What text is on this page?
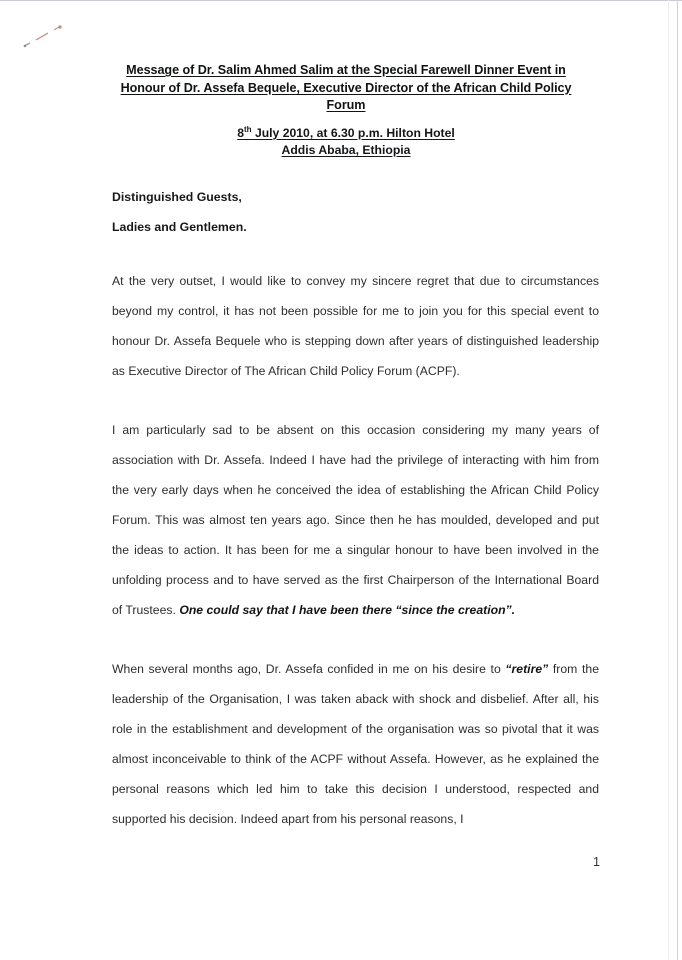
Message of Dr. Salim Ahmed Salim at the Special Farewell Dinner Event in
Honour of Dr. Assefa Bequele, Executive Director of the African Child Policy
Forum
8th July 2010, at 6.30 p.m. Hilton Hotel
Addis Ababa, Ethiopia
Distinguished Guests,
Ladies and Gentlemen.

At the very outset, I would like to convey my sincere regret that due to circumstances beyond my control, it has not been possible for me to join you for this special event to honour Dr. Assefa Bequele who is stepping down after years of distinguished leadership as Executive Director of The African Child Policy Forum (ACPF).

I am particularly sad to be absent on this occasion considering my many years of association with Dr. Assefa. Indeed I have had the privilege of interacting with him from the very early days when he conceived the idea of establishing the African Child Policy Forum. This was almost ten years ago. Since then he has moulded, developed and put the ideas to action. It has been for me a singular honour to have been involved in the unfolding process and to have served as the first Chairperson of the International Board of Trustees. One could say that I have been there “since the creation”.

When several months ago, Dr. Assefa confided in me on his desire to “retire” from the leadership of the Organisation, I was taken aback with shock and disbelief. After all, his role in the establishment and development of the organisation was so pivotal that it was almost inconceivable to think of the ACPF without Assefa. However, as he explained the personal reasons which led him to take this decision I understood, respected and supported his decision. Indeed apart from his personal reasons, I

1
